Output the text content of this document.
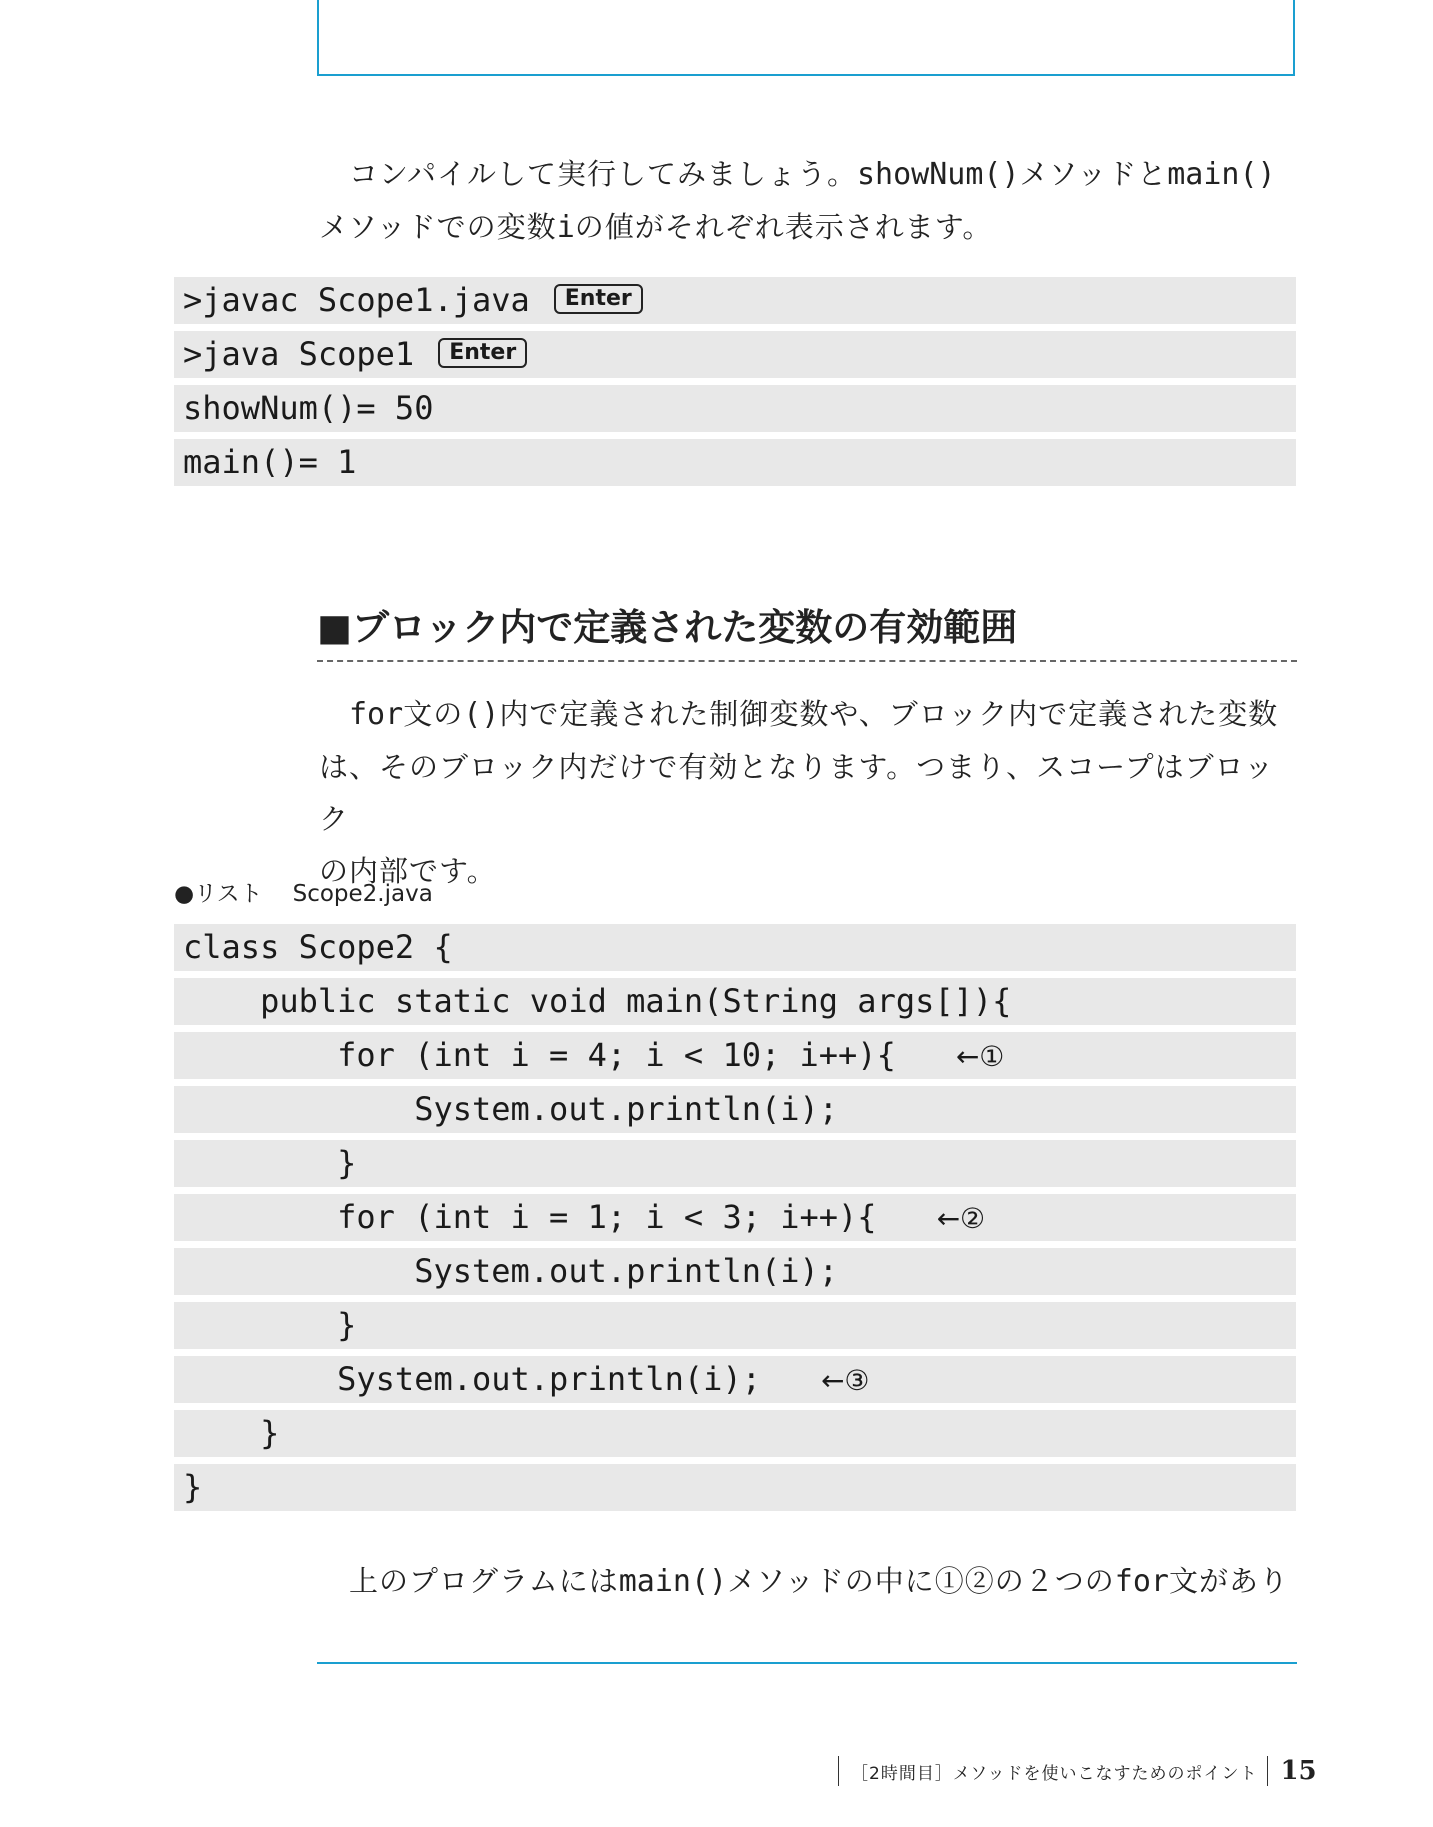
コンパイルして実行してみましょう。showNum()メソッドとmain()
メソッドでの変数iの値がそれぞれ表示されます。

>javac Scope1.java Enter
>java Scope1 Enter
showNum()= 50
main()= 1
■ブロック内で定義された変数の有効範囲

for文の()内で定義された制御変数や、ブロック内で定義された変数
は、そのブロック内だけで有効となります。つまり、スコープはブロック
の内部です。

●リスト Scope2.java
class Scope2 {
public static void main(String args[]){
for (int i = 4; i < 10; i++){ ←①
System.out.println(i);
}
for (int i = 1; i < 3; i++){ ←②
System.out.println(i);
}
System.out.println(i); ←③
}
}

上のプログラムにはmain()メソッドの中に①②の２つのfor文があり

［2時間目］メソッドを使いこなすためのポイント 15
